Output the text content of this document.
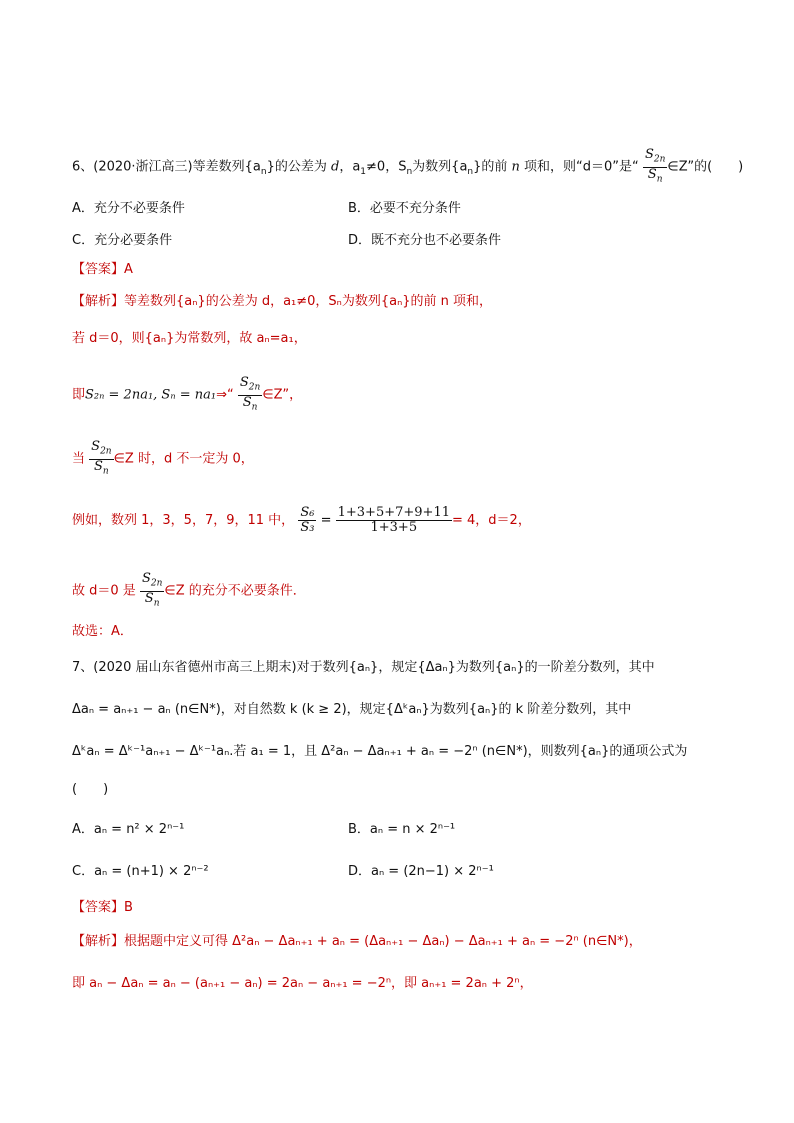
6、(2020·浙江高三)等差数列$\{a_n\}$的公差为 d，$a_1\ne 0$，$S_n$为数列$\{a_n\}$的前 n 项和，则“d＝0”是“ $\frac{S_{2n}}{S_n}$ ∈Z”的(　　)
A．充分不必要条件	B．必要不充分条件
C．充分必要条件	D．既不充分也不必要条件
【答案】A
【解析】等差数列{aₙ}的公差为 d，a₁≠0，Sₙ为数列{aₙ}的前 n 项和，
若 d＝0，则{aₙ}为常数列，故 aₙ=a₁，
即S₂ₙ = 2na₁, Sₙ = na₁⇒“ $\frac{S_{2n}}{S_n}$ ∈Z”，
当 $\frac{S_{2n}}{S_n}$ ∈Z 时，d 不一定为 0，
例如，数列 1，3，5，7，9，11 中， $\frac{\text{S₆}}{\text{S₃}} = \frac{1+3+5+7+9+11}{1+3+5} = 4$，d＝2，
故 d＝0 是 $\frac{S_{2n}}{S_n}$ ∈Z 的充分不必要条件．
故选：A．
7、(2020 届山东省德州市高三上期末)对于数列{aₙ}，规定{Δaₙ}为数列{aₙ}的一阶差分数列，其中
Δaₙ = aₙ₊₁ − aₙ (n∈N*)，对自然数 k (k ≥ 2)，规定{Δᵏaₙ}为数列{aₙ}的 k 阶差分数列，其中
Δᵏaₙ = Δᵏ⁻¹aₙ₊₁ − Δᵏ⁻¹aₙ.若 a₁ = 1，且 Δ²aₙ − Δaₙ₊₁ + aₙ = −2ⁿ (n∈N*)，则数列{aₙ}的通项公式为
(　　)
A．aₙ = n² × 2ⁿ⁻¹	B．aₙ = n × 2ⁿ⁻¹
C．aₙ = (n+1) × 2ⁿ⁻²	D．aₙ = (2n−1) × 2ⁿ⁻¹
【答案】B
【解析】根据题中定义可得 Δ²aₙ − Δaₙ₊₁ + aₙ = (Δaₙ₊₁ − Δaₙ) − Δaₙ₊₁ + aₙ = −2ⁿ (n∈N*)，
即 aₙ − Δaₙ = aₙ − (aₙ₊₁ − aₙ) = 2aₙ − aₙ₊₁ = −2ⁿ，即 aₙ₊₁ = 2aₙ + 2ⁿ，
